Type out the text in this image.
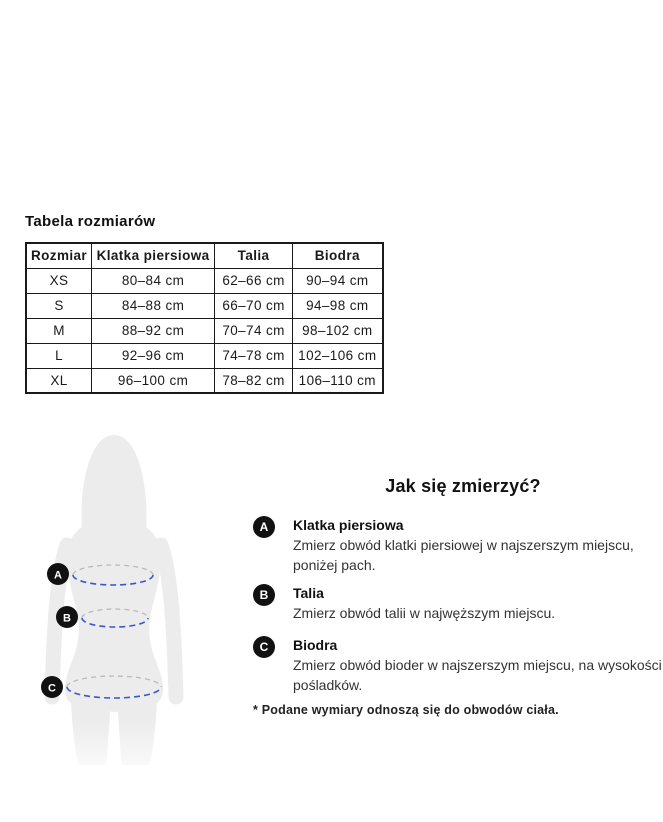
Tabela rozmiarów
Rozmiar	Klatka piersiowa	Talia	Biodra
XS	80–84 cm	62–66 cm	90–94 cm
S	84–88 cm	66–70 cm	94–98 cm
M	88–92 cm	70–74 cm	98–102 cm
L	92–96 cm	74–78 cm	102–106 cm
XL	96–100 cm	78–82 cm	106–110 cm
A
B
C
Jak się zmierzyć?
A	Klatka piersiowa
Zmierz obwód klatki piersiowej w najszerszym miejscu, poniżej pach.
B	Talia
Zmierz obwód talii w najwęższym miejscu.
C	Biodra
Zmierz obwód bioder w najszerszym miejscu, na wysokości pośladków.
* Podane wymiary odnoszą się do obwodów ciała.
